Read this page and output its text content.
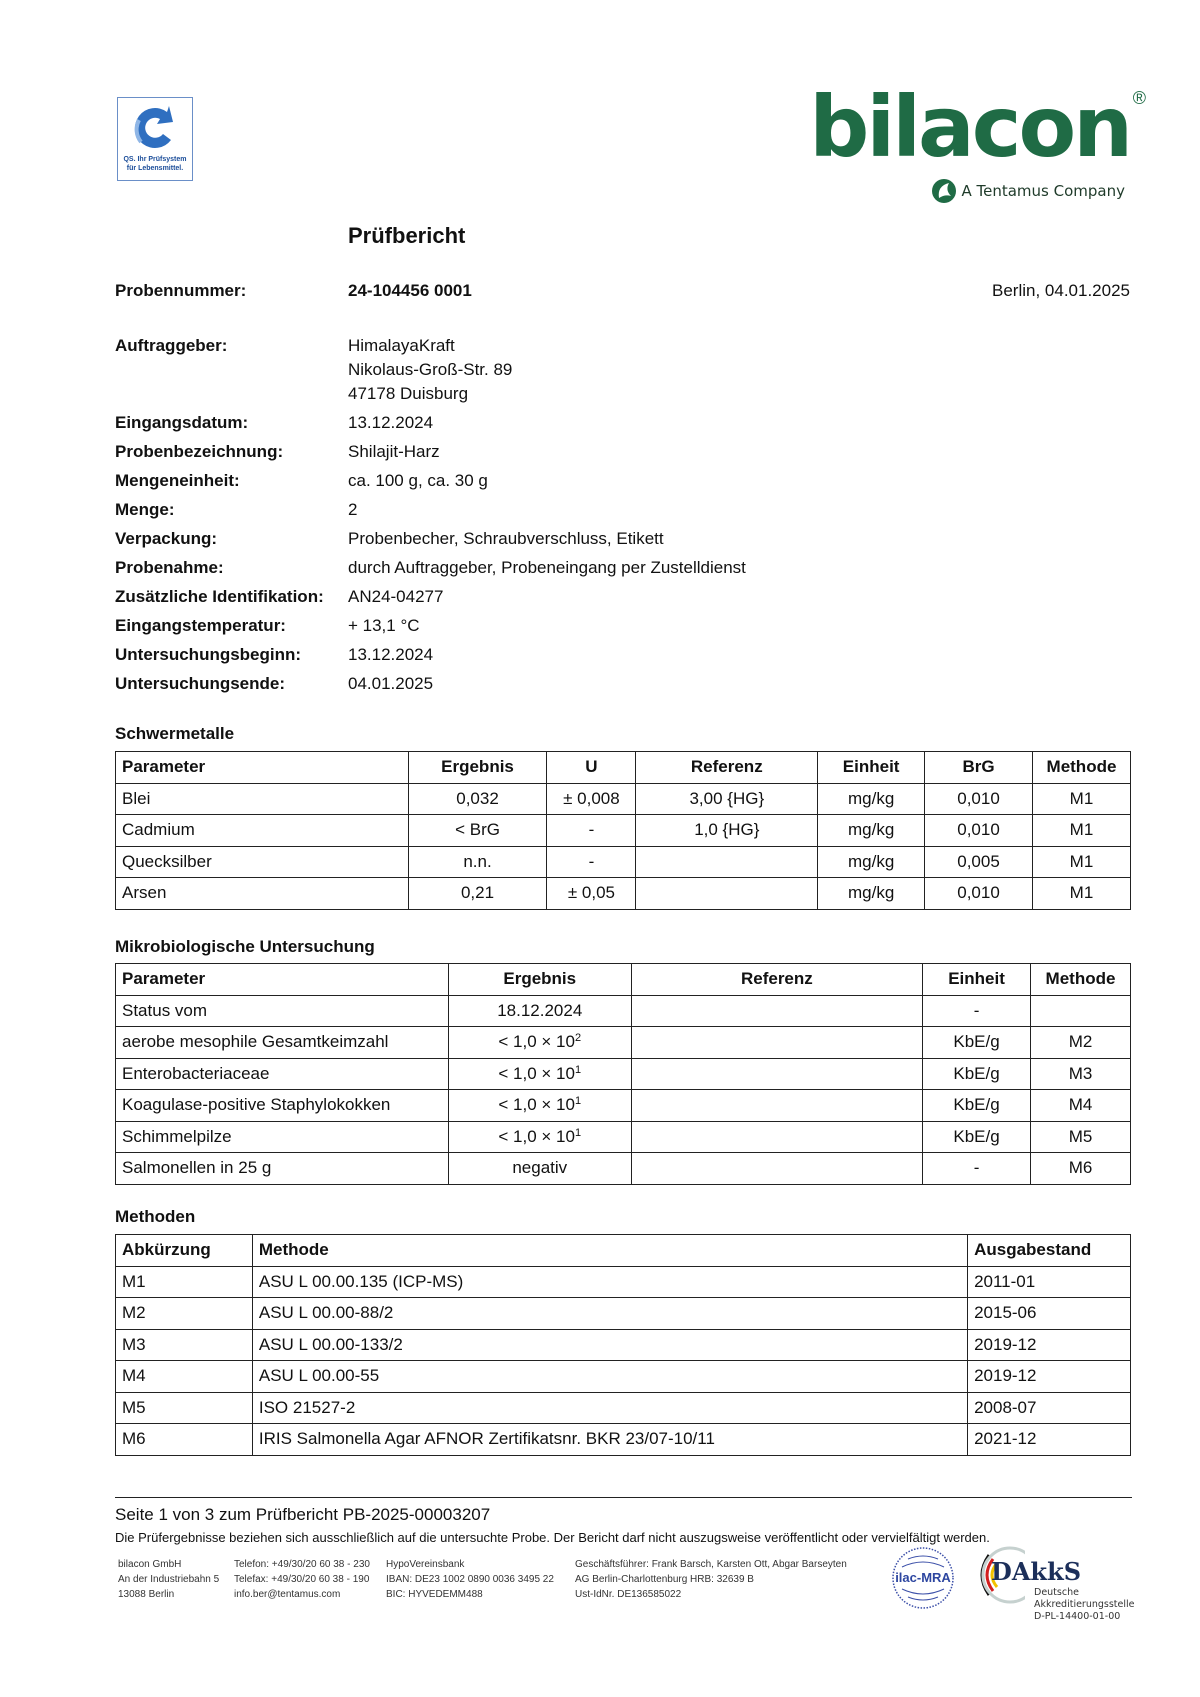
QS. Ihr Prüfsystem
für Lebensmittel.	bilacon ®
A Tentamus Company
Prüfbericht
Probennummer:	24-104456 0001	Berlin, 04.01.2025
Auftraggeber:	HimalayaKraft
Nikolaus-Groß-Str. 89
47178 Duisburg
Eingangsdatum:	13.12.2024
Probenbezeichnung:	Shilajit-Harz
Mengeneinheit:	ca. 100 g, ca. 30 g
Menge:	2
Verpackung:	Probenbecher, Schraubverschluss, Etikett
Probenahme:	durch Auftraggeber, Probeneingang per Zustelldienst
Zusätzliche Identifikation: AN24-04277
Eingangstemperatur:	+ 13,1 °C
Untersuchungsbeginn:	13.12.2024
Untersuchungsende:	04.01.2025
Schwermetalle
Parameter	Ergebnis	U	Referenz	Einheit	BrG	Methode
Blei	0,032	± 0,008	3,00 {HG}	mg/kg	0,010	M1
Cadmium	< BrG	-	1,0 {HG}	mg/kg	0,010	M1
Quecksilber	n.n.	-		mg/kg	0,005	M1
Arsen	0,21	± 0,05		mg/kg	0,010	M1
Mikrobiologische Untersuchung
Parameter	Ergebnis	Referenz	Einheit	Methode
Status vom	18.12.2024		-	
aerobe mesophile Gesamtkeimzahl	< $1,0 \times 10^2$		KbE/g	M2
Enterobacteriaceae	< $1,0 \times 10^1$		KbE/g	M3
Koagulase-positive Staphylokokken	< $1,0 \times 10^1$		KbE/g	M4
Schimmelpilze	< $1,0 \times 10^1$		KbE/g	M5
Salmonellen in 25 g	negativ		-	M6
Methoden
Abkürzung	Methode	Ausgabestand
M1	ASU L 00.00.135 (ICP-MS)	2011-01
M2	ASU L 00.00-88/2	2015-06
M3	ASU L 00.00-133/2	2019-12
M4	ASU L 00.00-55	2019-12
M5	ISO 21527-2	2008-07
M6	IRIS Salmonella Agar AFNOR Zertifikatsnr. BKR 23/07-10/11	2021-12
Seite 1 von 3 zum Prüfbericht PB-2025-00003207
Die Prüfergebnisse beziehen sich ausschließlich auf die untersuchte Probe. Der Bericht darf nicht auszugsweise veröffentlicht oder vervielfältigt werden.
bilacon GmbH
An der Industriebahn 5
13088 Berlin
Telefon: +49/30/20 60 38 - 230
Telefax: +49/30/20 60 38 - 190
info.ber@tentamus.com
HypoVereinsbank
IBAN: DE23 1002 0890 0036 3495 22
BIC: HYVEDEMM488
Geschäftsführer: Frank Barsch, Karsten Ott, Abgar Barseyten
AG Berlin-Charlottenburg HRB: 32639 B
Ust-IdNr. DE136585022
ilac-MRA DAkkS
Deutsche
Akkreditierungsstelle
D-PL-14400-01-00
